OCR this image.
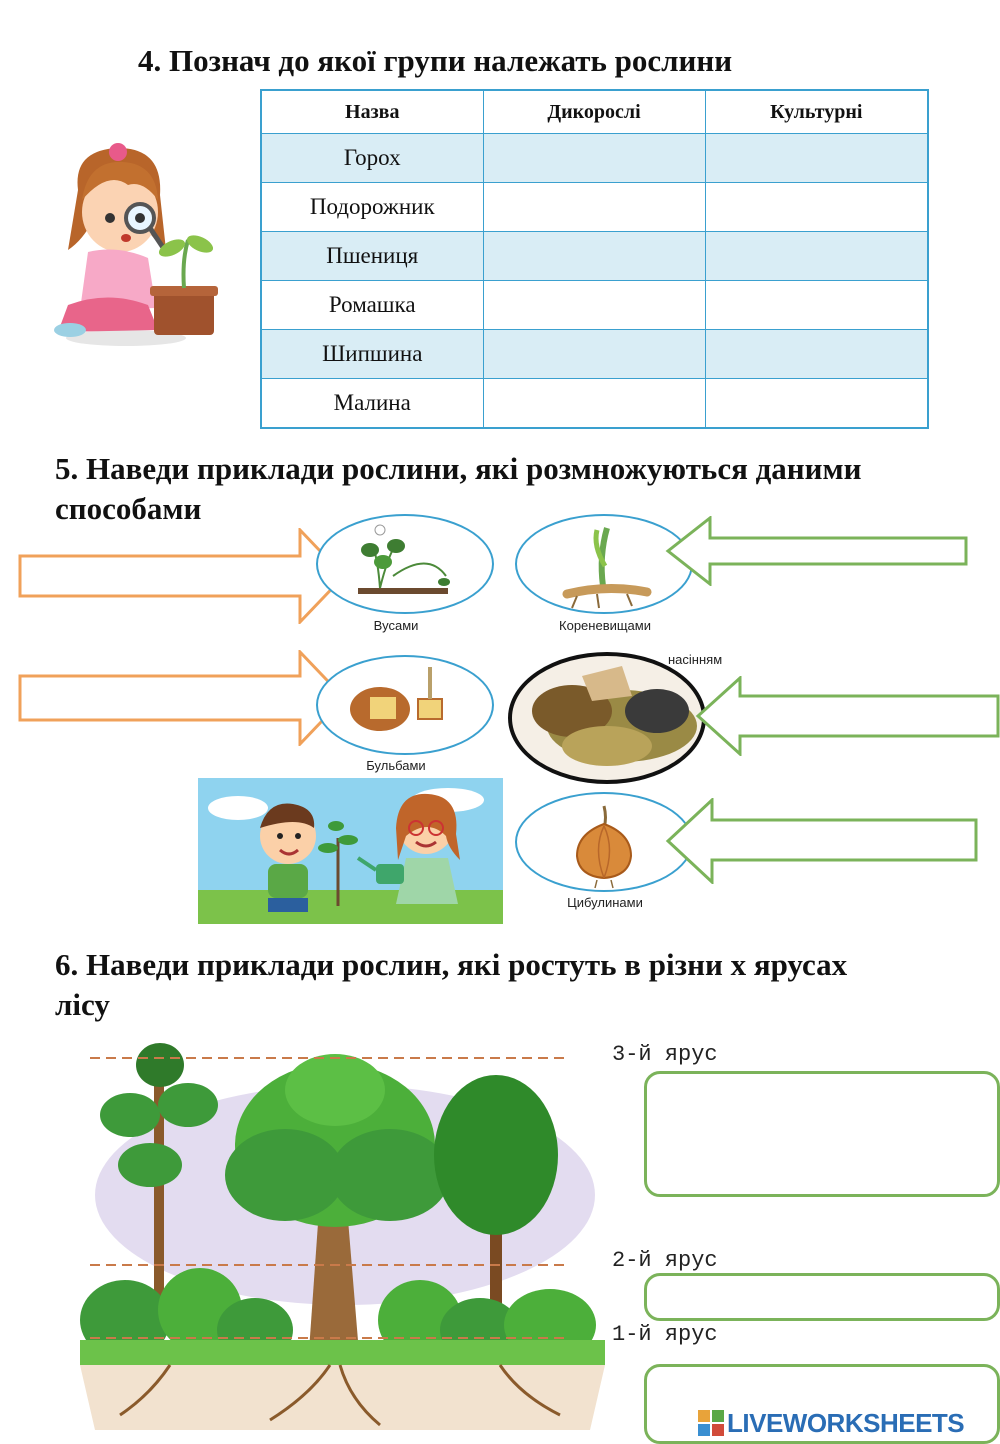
4. Познач до якої групи належать рослини
Назва	Дикорослі	Культурні
Горох		
Подорожник		
Пшениця		
Ромашка		
Шипшина		
Малина		
5. Наведи приклади рослини, які розмножуються даними
способами
Вусами	Кореневищами
Бульбами
насінням
Цибулинами
6. Наведи приклади рослин, які ростуть в різни х ярусах
лісу
3-й ярус
2-й ярус
1-й ярус
LIVEWORKSHEETS
